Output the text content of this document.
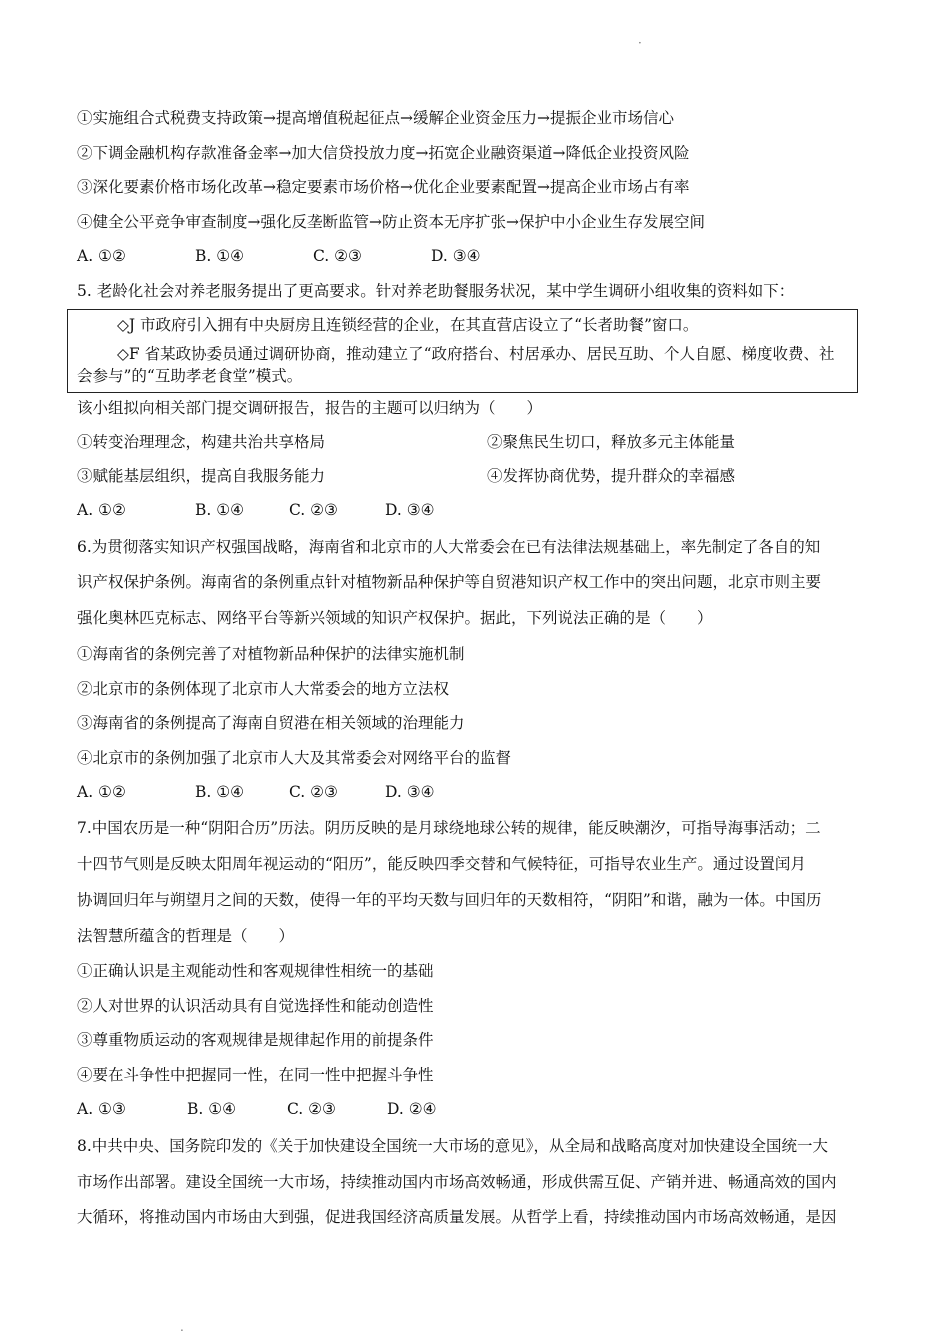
·
①实施组合式税费支持政策→提高增值税起征点→缓解企业资金压力→提振企业市场信心
②下调金融机构存款准备金率→加大信贷投放力度→拓宽企业融资渠道→降低企业投资风险
③深化要素价格市场化改革→稳定要素市场价格→优化企业要素配置→提高企业市场占有率
④健全公平竞争审查制度→强化反垄断监管→防止资本无序扩张→保护中小企业生存发展空间
A. ①②	B. ①④	C. ②③	D. ③④
5. 老龄化社会对养老服务提出了更高要求。针对养老助餐服务状况，某中学生调研小组收集的资料如下：
◇J 市政府引入拥有中央厨房且连锁经营的企业，在其直营店设立了“长者助餐”窗口。
◇F 省某政协委员通过调研协商，推动建立了“政府搭台、村居承办、居民互助、个人自愿、梯度收费、社
会参与”的“互助孝老食堂”模式。
该小组拟向相关部门提交调研报告，报告的主题可以归纳为（　　）
①转变治理理念，构建共治共享格局	②聚焦民生切口，释放多元主体能量
③赋能基层组织，提高自我服务能力	④发挥协商优势，提升群众的幸福感
A. ①②	B. ①④	C. ②③	D. ③④
6.为贯彻落实知识产权强国战略，海南省和北京市的人大常委会在已有法律法规基础上，率先制定了各自的知
识产权保护条例。海南省的条例重点针对植物新品种保护等自贸港知识产权工作中的突出问题，北京市则主要
强化奥林匹克标志、网络平台等新兴领域的知识产权保护。据此，下列说法正确的是（　　）
①海南省的条例完善了对植物新品种保护的法律实施机制
②北京市的条例体现了北京市人大常委会的地方立法权
③海南省的条例提高了海南自贸港在相关领域的治理能力
④北京市的条例加强了北京市人大及其常委会对网络平台的监督
A. ①②	B. ①④	C. ②③	D. ③④
7.中国农历是一种“阴阳合历”历法。阴历反映的是月球绕地球公转的规律，能反映潮汐，可指导海事活动；二
十四节气则是反映太阳周年视运动的“阳历”，能反映四季交替和气候特征，可指导农业生产。通过设置闰月
协调回归年与朔望月之间的天数，使得一年的平均天数与回归年的天数相符，“阴阳”和谐，融为一体。中国历
法智慧所蕴含的哲理是（　　）
①正确认识是主观能动性和客观规律性相统一的基础
②人对世界的认识活动具有自觉选择性和能动创造性
③尊重物质运动的客观规律是规律起作用的前提条件
④要在斗争性中把握同一性，在同一性中把握斗争性
A. ①③	B. ①④	C. ②③	D. ②④
8.中共中央、国务院印发的《关于加快建设全国统一大市场的意见》，从全局和战略高度对加快建设全国统一大
市场作出部署。建设全国统一大市场，持续推动国内市场高效畅通，形成供需互促、产销并进、畅通高效的国内
大循环，将推动国内市场由大到强，促进我国经济高质量发展。从哲学上看，持续推动国内市场高效畅通，是因
.
